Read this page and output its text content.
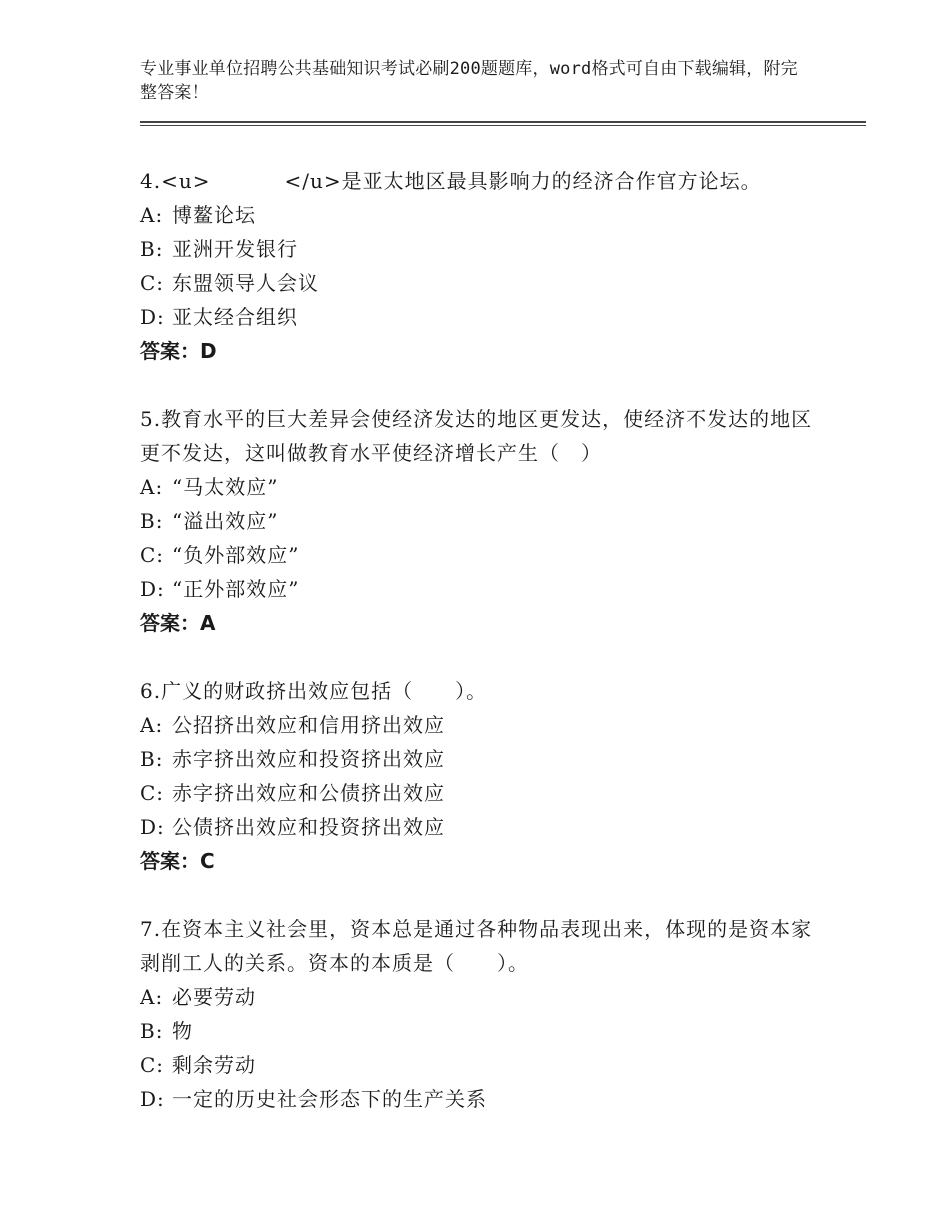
专业事业单位招聘公共基础知识考试必刷200题题库，word格式可自由下载编辑，附完整答案！

4.<u>	</u>是亚太地区最具影响力的经济合作官方论坛。

A: 博鳌论坛

B: 亚洲开发银行

C: 东盟领导人会议

D: 亚太经合组织

答案：D

5.教育水平的巨大差异会使经济发达的地区更发达，使经济不发达的地区更不发达，这叫做教育水平使经济增长产生（　）

A: “马太效应”

B: “溢出效应”

C: “负外部效应”

D: “正外部效应”

答案：A

6.广义的财政挤出效应包括（　　）。

A: 公招挤出效应和信用挤出效应

B: 赤字挤出效应和投资挤出效应

C: 赤字挤出效应和公债挤出效应

D: 公债挤出效应和投资挤出效应

答案：C

7.在资本主义社会里，资本总是通过各种物品表现出来，体现的是资本家剥削工人的关系。资本的本质是（　　）。

A: 必要劳动

B: 物

C: 剩余劳动

D: 一定的历史社会形态下的生产关系
